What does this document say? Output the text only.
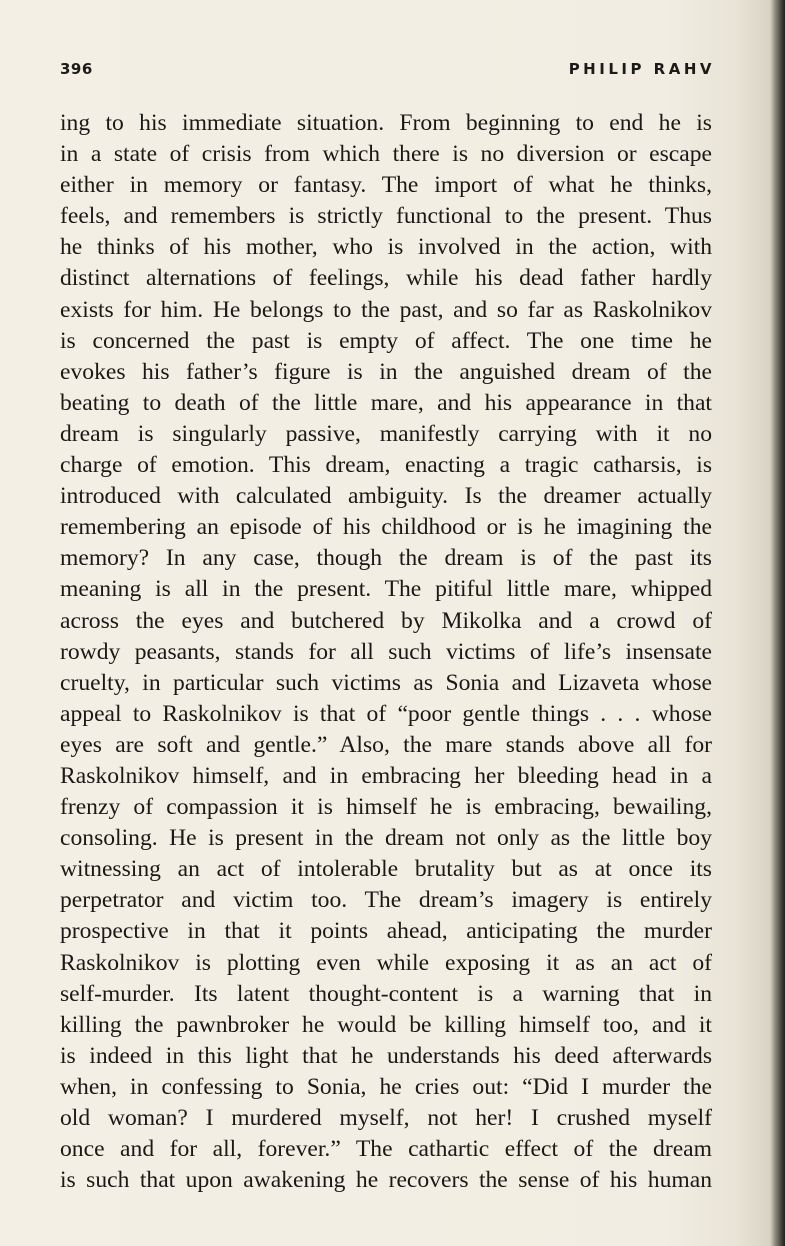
396	PHILIP RAHV
ing to his immediate situation. From beginning to end he is
in a state of crisis from which there is no diversion or escape
either in memory or fantasy. The import of what he thinks,
feels, and remembers is strictly functional to the present. Thus
he thinks of his mother, who is involved in the action, with
distinct alternations of feelings, while his dead father hardly
exists for him. He belongs to the past, and so far as Raskolnikov
is concerned the past is empty of affect. The one time he
evokes his father’s figure is in the anguished dream of the
beating to death of the little mare, and his appearance in that
dream is singularly passive, manifestly carrying with it no
charge of emotion. This dream, enacting a tragic catharsis, is
introduced with calculated ambiguity. Is the dreamer actually
remembering an episode of his childhood or is he imagining the
memory? In any case, though the dream is of the past its
meaning is all in the present. The pitiful little mare, whipped
across the eyes and butchered by Mikolka and a crowd of
rowdy peasants, stands for all such victims of life’s insensate
cruelty, in particular such victims as Sonia and Lizaveta whose
appeal to Raskolnikov is that of “poor gentle things . . . whose
eyes are soft and gentle.” Also, the mare stands above all for
Raskolnikov himself, and in embracing her bleeding head in a
frenzy of compassion it is himself he is embracing, bewailing,
consoling. He is present in the dream not only as the little boy
witnessing an act of intolerable brutality but as at once its
perpetrator and victim too. The dream’s imagery is entirely
prospective in that it points ahead, anticipating the murder
Raskolnikov is plotting even while exposing it as an act of
self-murder. Its latent thought-content is a warning that in
killing the pawnbroker he would be killing himself too, and it
is indeed in this light that he understands his deed afterwards
when, in confessing to Sonia, he cries out: “Did I murder the
old woman? I murdered myself, not her! I crushed myself
once and for all, forever.” The cathartic effect of the dream
is such that upon awakening he recovers the sense of his human
